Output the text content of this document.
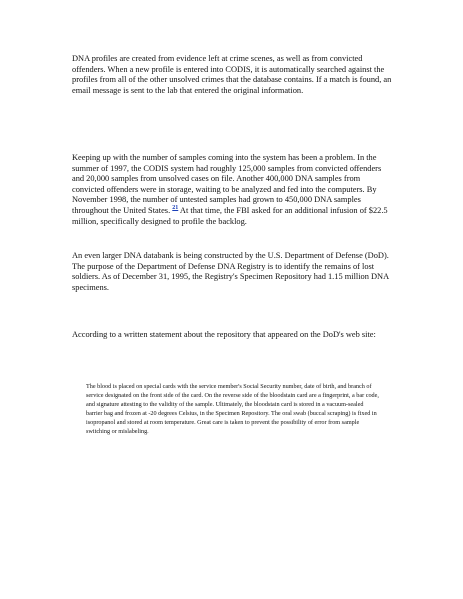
DNA profiles are created from evidence left at crime scenes, as well as from convicted offenders. When a new profile is entered into CODIS, it is automatically searched against the profiles from all of the other unsolved crimes that the database contains. If a match is found, an email message is sent to the lab that entered the original information.

Keeping up with the number of samples coming into the system has been a problem. In the summer of 1997, the CODIS system had roughly 125,000 samples from convicted offenders and 20,000 samples from unsolved cases on file. Another 400,000 DNA samples from convicted offenders were in storage, waiting to be analyzed and fed into the computers. By November 1998, the number of untested samples had grown to 450,000 DNA samples throughout the United States. $^{21}$ At that time, the FBI asked for an additional infusion of $22.5 million, specifically designed to profile the backlog.

An even larger DNA databank is being constructed by the U.S. Department of Defense (DoD). The purpose of the Department of Defense DNA Registry is to identify the remains of lost soldiers. As of December 31, 1995, the Registry's Specimen Repository had 1.15 million DNA specimens.

According to a written statement about the repository that appeared on the DoD's web site:

The blood is placed on special cards with the service member's Social Security number, date of birth, and branch of service designated on the front side of the card. On the reverse side of the bloodstain card are a fingerprint, a bar code, and signature attesting to the validity of the sample. Ultimately, the bloodstain card is stored in a vacuum-sealed barrier bag and frozen at -20 degrees Celsius, in the Specimen Repository. The oral swab (buccal scraping) is fixed in isopropanol and stored at room temperature. Great care is taken to prevent the possibility of error from sample switching or mislabeling.
